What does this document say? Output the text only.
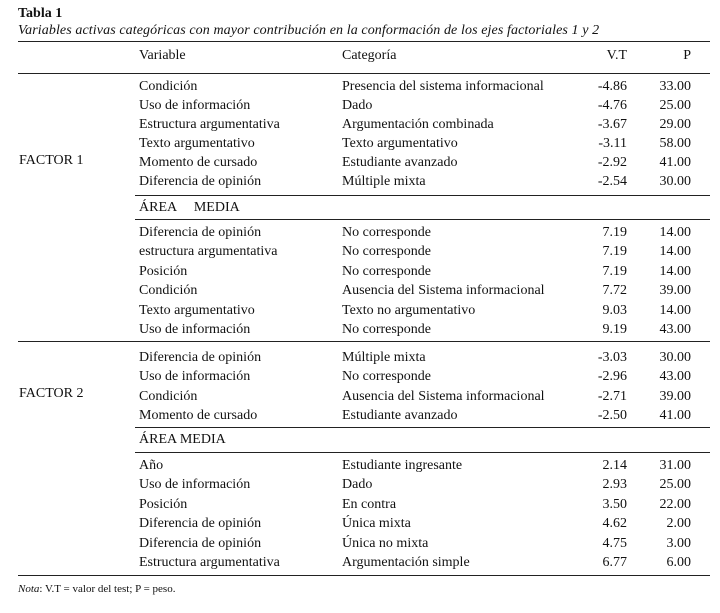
Tabla 1
Variables activas categóricas con mayor contribución en la conformación de los ejes factoriales 1 y 2
Variable	Categoría	V.T	P
FACTOR 1
Condición	Presencia del sistema informacional	-4.86	33.00
Uso de información	Dado	-4.76	25.00
Estructura argumentativa	Argumentación combinada	-3.67	29.00
Texto argumentativo	Texto argumentativo	-3.11	58.00
Momento de cursado	Estudiante avanzado	-2.92	41.00
Diferencia de opinión	Múltiple mixta	-2.54	30.00
ÁREA     MEDIA
Diferencia de opinión	No corresponde	7.19	14.00
estructura argumentativa	No corresponde	7.19	14.00
Posición	No corresponde	7.19	14.00
Condición	Ausencia del Sistema informacional	7.72	39.00
Texto argumentativo	Texto no argumentativo	9.03	14.00
Uso de información	No corresponde	9.19	43.00
FACTOR 2
Diferencia de opinión	Múltiple mixta	-3.03	30.00
Uso de información	No corresponde	-2.96	43.00
Condición	Ausencia del Sistema informacional	-2.71	39.00
Momento de cursado	Estudiante avanzado	-2.50	41.00
ÁREA MEDIA
Año	Estudiante ingresante	2.14	31.00
Uso de información	Dado	2.93	25.00
Posición	En contra	3.50	22.00
Diferencia de opinión	Única mixta	4.62	2.00
Diferencia de opinión	Única no mixta	4.75	3.00
Estructura argumentativa	Argumentación simple	6.77	6.00
Nota: V.T = valor del test; P = peso.
